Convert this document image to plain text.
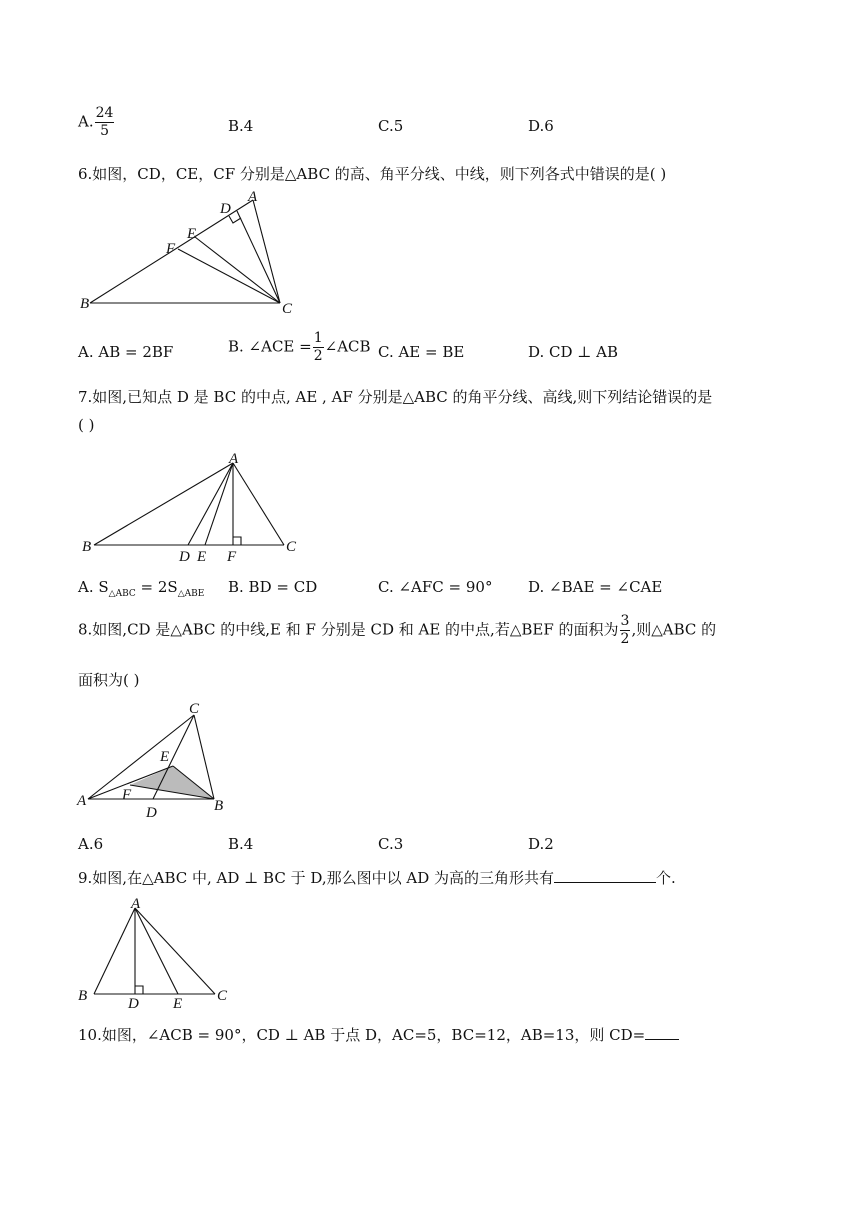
A. $\frac{24}{5}$	B.4	C.5	D.6
6.如图，CD，CE，CF 分别是△ABC 的高、角平分线、中线，则下列各式中错误的是( )
A
D
E
F
B	C
A. AB = 2BF	B. ∠ACE = $\frac{1}{2}$ ∠ACB C. AE = BE	D. CD ⊥ AB
7.如图,已知点 D 是 BC 的中点, AE , AF 分别是△ABC 的角平分线、高线,则下列结论错误的是
( )
A
B
D E F
C
A. $S_{\triangle ABC} = 2S_{\triangle ABE}$ B. BD = CD	C. ∠AFC = 90° D. ∠BAE = ∠CAE
8.如图,CD 是△ABC 的中线,E 和 F 分别是 CD 和 AE 的中点,若△BEF 的面积为 $\frac{3}{2}$ ,则△ABC 的
面积为( )
C
E
F
A	B
D
A.6	B.4	C.3	D.2
9.如图,在△ABC 中, AD ⊥ BC 于 D,那么图中以 AD 为高的三角形共有	个.
A
B	D E C
10.如图，∠ACB = 90°，CD ⊥ AB 于点 D，AC=5，BC=12，AB=13，则 CD=
